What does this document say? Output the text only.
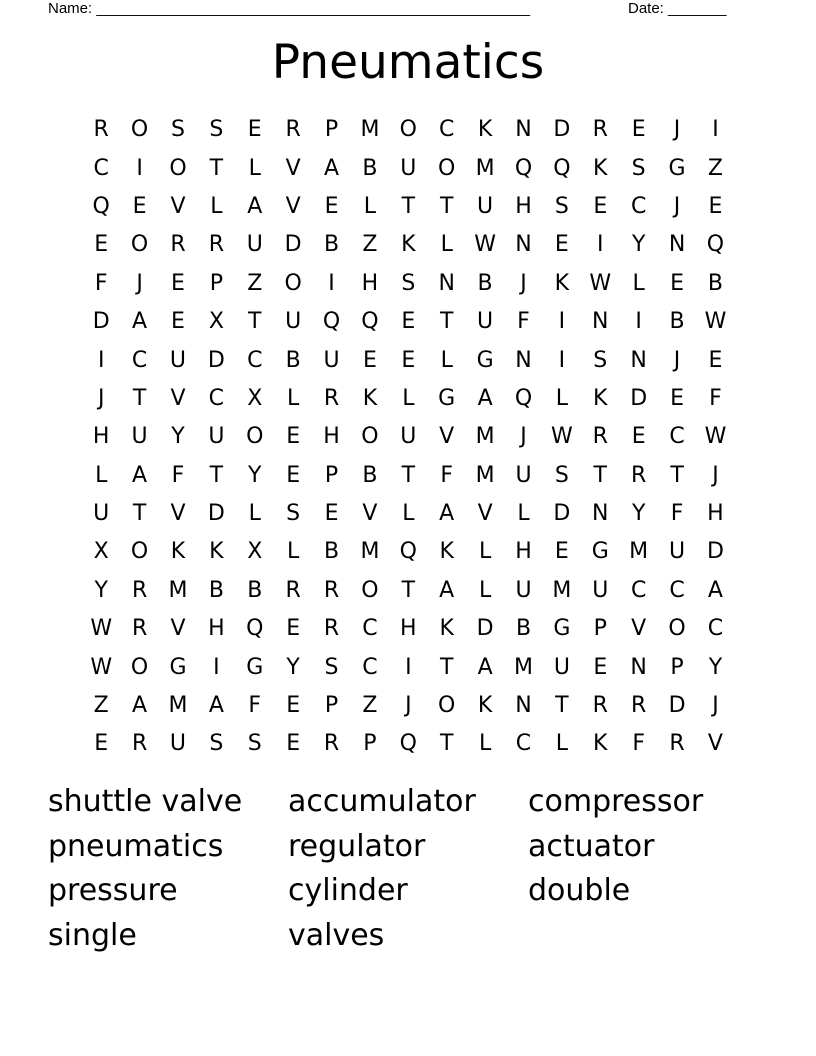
Name: ____________________________________________________	Date: _______
Pneumatics
R	O	S	S	E	R	P	M O	C	K	N D	R	E	J	I
C	I	O	T	L	V	A	B	U O M Q Q	K	S	G	Z
Q	E	V	L	A	V	E	L	T	T	U	H	S	E	C	J	E
E	O	R	R	U D	B	Z	K	L W N	E	I	Y	N Q
F	J	E	P	Z	O	I	H	S	N	B	J	K W L	E	B
D	A	E	X	T	U Q Q	E	T	U	F	I	N	I	B W
I	C	U D	C	B	U	E	E	L	G N	I	S	N	J	E
J	T	V	C	X	L	R	K	L	G	A	Q	L	K	D	E	F
H	U	Y	U O	E	H O U	V M	J	W R	E	C W
L	A	F	T	Y	E	P	B	T	F	M U	S	T	R	T	J
U	T	V	D	L	S	E	V	L	A	V	L	D N	Y	F	H
X	O	K	K	X	L	B M Q	K	L	H	E	G M U D
Y	R M B	B	R	R	O	T	A	L	U M U	C	C	A
W R	V	H Q	E	R	C	H	K	D	B	G	P	V	O	C
W O G	I	G	Y	S	C	I	T	A M U	E	N	P	Y
Z	A M A	F	E	P	Z	J	O	K	N	T	R	R	D	J
E	R	U	S	S	E	R	P	Q	T	L	C	L	K	F	R	V
shuttle valve	accumulator	compressor
pneumatics	regulator	actuator
pressure	cylinder	double
single	valves
